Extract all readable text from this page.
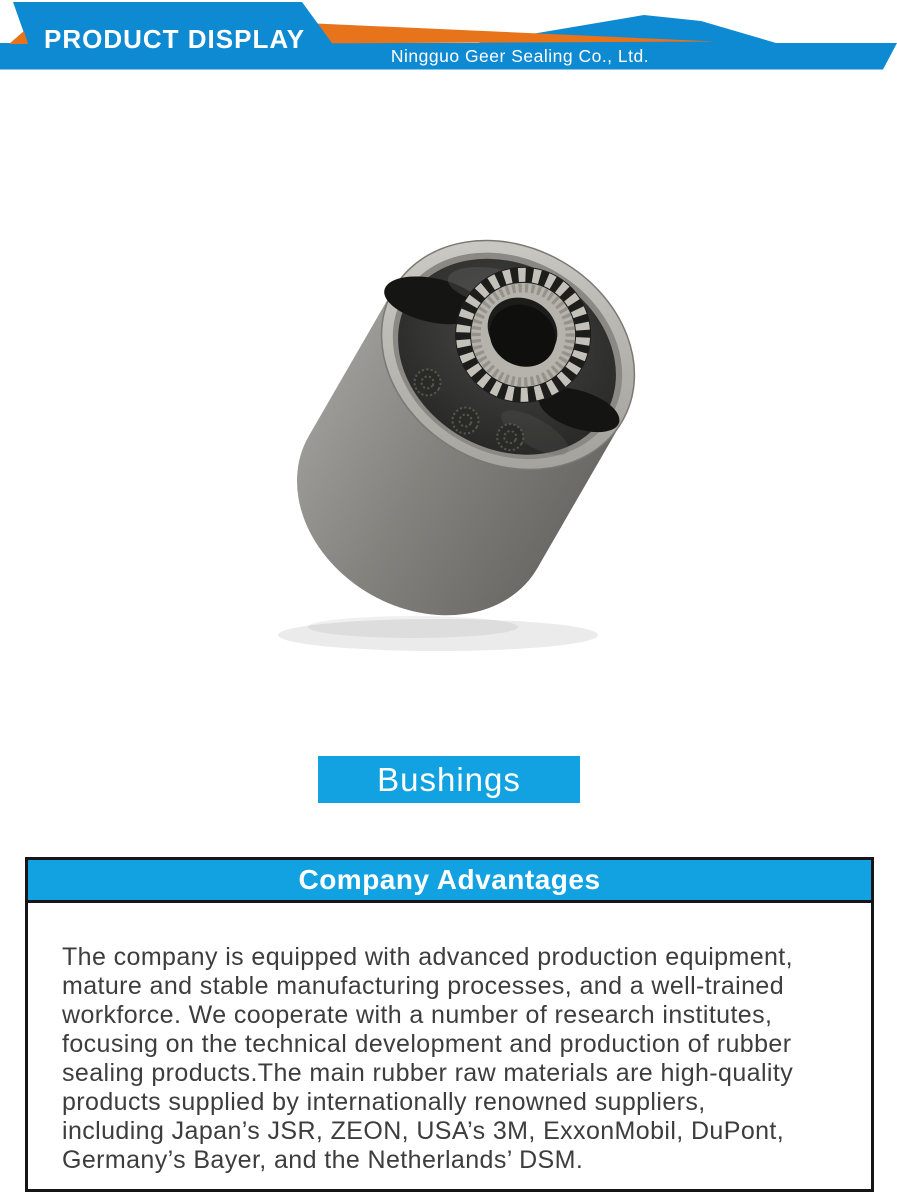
PRODUCT DISPLAY
Ningguo Geer Sealing Co., Ltd.
Bushings
Company Advantages
The company is equipped with advanced production equipment,
mature and stable manufacturing processes, and a well-trained
workforce. We cooperate with a number of research institutes,
focusing on the technical development and production of rubber
sealing products.The main rubber raw materials are high-quality
products supplied by internationally renowned suppliers,
including Japan’s JSR, ZEON, USA’s 3M, ExxonMobil, DuPont,
Germany’s Bayer, and the Netherlands’ DSM.
